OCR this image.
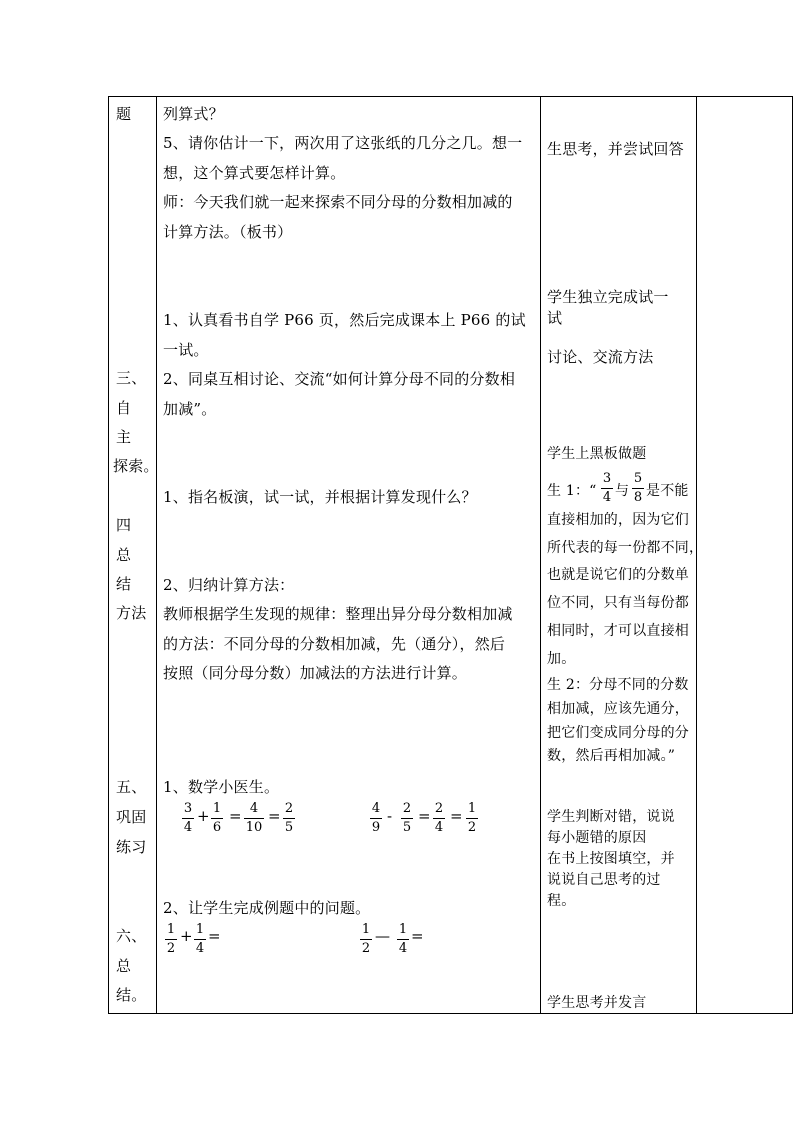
题
三、
自
主
探索。
四
总
结
方法
五、
巩固
练习
六、
总
结。
列算式？
5、请你估计一下，两次用了这张纸的几分之几。想一
想，这个算式要怎样计算。
师：今天我们就一起来探索不同分母的分数相加减的
计算方法。（板书）
1、认真看书自学 P66 页，然后完成课本上 P66 的试
一试。
2、同桌互相讨论、交流“如何计算分母不同的分数相
加减”。
1、指名板演，试一试，并根据计算发现什么？
2、归纳计算方法：
教师根据学生发现的规律：整理出异分母分数相加减
的方法：不同分母的分数相加减，先（通分），然后
按照（同分母分数）加减法的方法进行计算。
1、数学小医生。
2、让学生完成例题中的问题。
3
4
+ 1
6
= 4
10
= 2
5
4
9
- 2
5
= 2
4
= 1
2
1
2
+ 1
4
=	1
2
— 1
4
=
生思考，并尝试回答
学生独立完成试一
试
讨论、交流方法
学生上黑板做题
生 1：“
3
4 与
5
8 是不能
直接相加的，因为它们
所代表的每一份都不同，
也就是说它们的分数单
位不同，只有当每份都
相同时，才可以直接相
加。
生 2：分母不同的分数
相加减，应该先通分，
把它们变成同分母的分
数，然后再相加减。”
学生判断对错，说说
每小题错的原因
在书上按图填空，并
说说自己思考的过
程。
学生思考并发言
